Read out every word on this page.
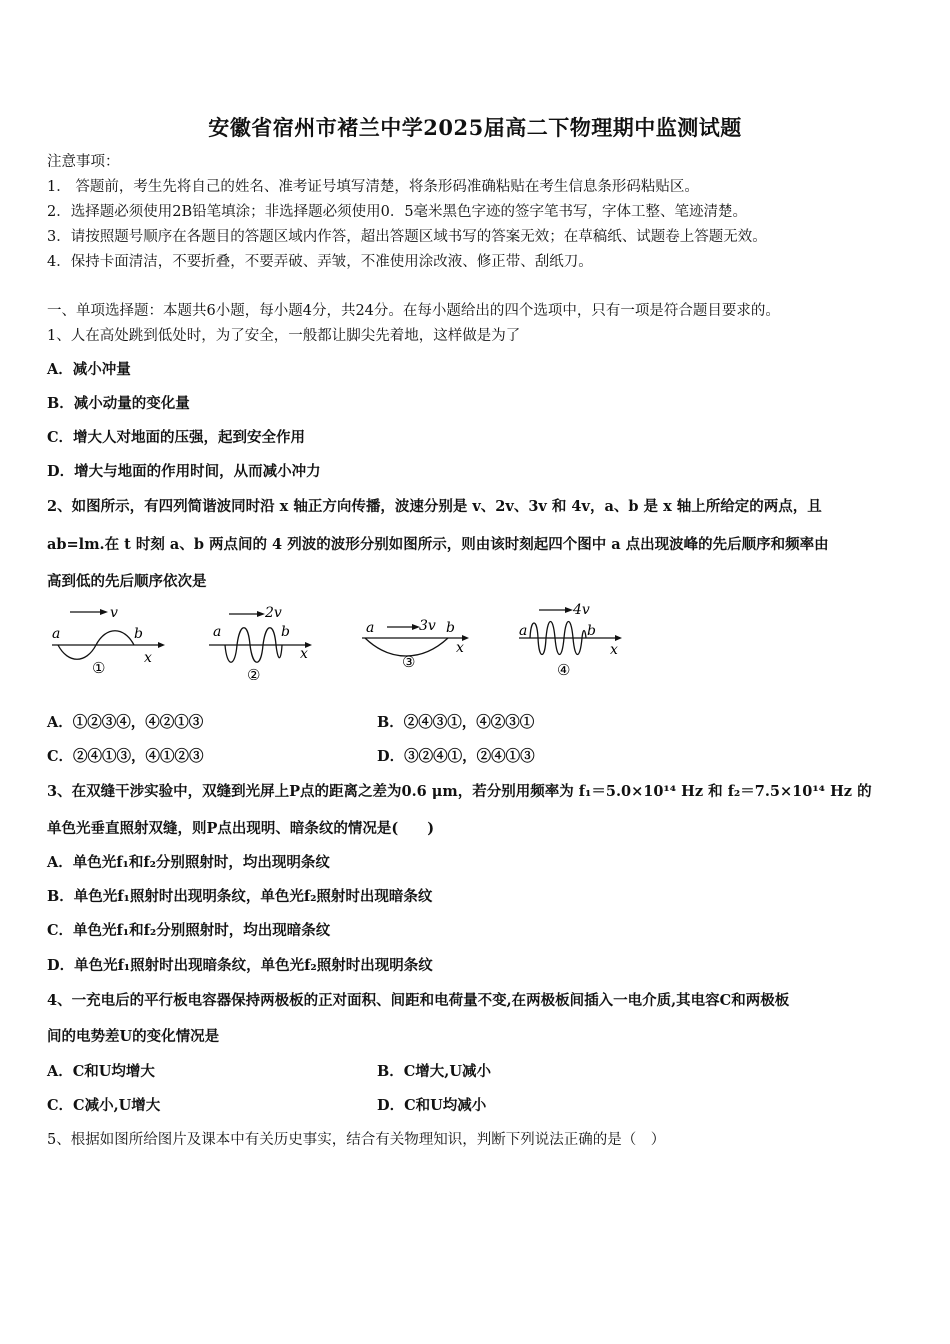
安徽省宿州市褚兰中学2025届高二下物理期中监测试题
注意事项：
1． 答题前，考生先将自己的姓名、准考证号填写清楚，将条形码准确粘贴在考生信息条形码粘贴区。
2．选择题必须使用2B铅笔填涂；非选择题必须使用0．5毫米黑色字迹的签字笔书写，字体工整、笔迹清楚。
3．请按照题号顺序在各题目的答题区域内作答，超出答题区域书写的答案无效；在草稿纸、试题卷上答题无效。
4．保持卡面清洁，不要折叠，不要弄破、弄皱，不准使用涂改液、修正带、刮纸刀。
一、单项选择题：本题共6小题，每小题4分，共24分。在每小题给出的四个选项中，只有一项是符合题目要求的。
1、人在高处跳到低处时，为了安全，一般都让脚尖先着地，这样做是为了
A．减小冲量
B．减小动量的变化量
C．增大人对地面的压强，起到安全作用
D．增大与地面的作用时间，从而减小冲力
2、如图所示，有四列简谐波同时沿 x 轴正方向传播，波速分别是 v、2v、3v 和 4v，a、b 是 x 轴上所给定的两点，且
ab=lm.在 t 时刻 a、b 两点间的 4 列波的波形分别如图所示，则由该时刻起四个图中 a 点出现波峰的先后顺序和频率由
高到低的先后顺序依次是
v
a	b
x
①
2v
a	b
x
②
3v
a	b
x
③
4v
a	b
x
④
A．①②③④，④②①③	B．②④③①，④②③①
C．②④①③，④①②③	D．③②④①，②④①③
3、在双缝干涉实验中，双缝到光屏上P点的距离之差为0.6 μm，若分别用频率为 f₁＝5.0×10¹⁴ Hz 和 f₂＝7.5×10¹⁴ Hz 的
单色光垂直照射双缝，则P点出现明、暗条纹的情况是(　　)
A．单色光f₁和f₂分别照射时，均出现明条纹
B．单色光f₁照射时出现明条纹，单色光f₂照射时出现暗条纹
C．单色光f₁和f₂分别照射时，均出现暗条纹
D．单色光f₁照射时出现暗条纹，单色光f₂照射时出现明条纹
4、一充电后的平行板电容器保持两极板的正对面积、间距和电荷量不变,在两极板间插入一电介质,其电容C和两极板
间的电势差U的变化情况是
A．C和U均增大	B．C增大,U减小
C．C减小,U增大	D．C和U均减小
5、根据如图所给图片及课本中有关历史事实，结合有关物理知识，判断下列说法正确的是（　）
